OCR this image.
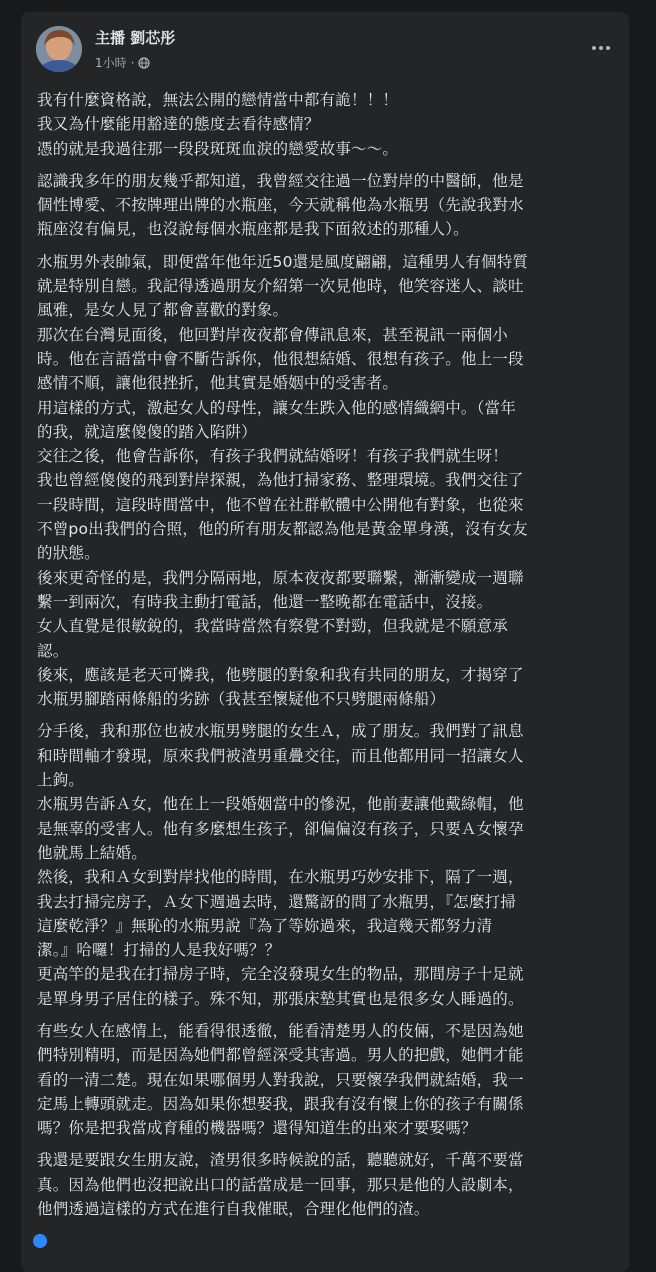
主播 劉芯彤
1小時 ·
我有什麼資格說，無法公開的戀情當中都有詭！！！
我又為什麼能用豁達的態度去看待感情？
憑的就是我過往那一段段斑斑血淚的戀愛故事～～。
認識我多年的朋友幾乎都知道，我曾經交往過一位對岸的中醫師，他是
個性博愛、不按牌理出牌的水瓶座，今天就稱他為水瓶男（先說我對水
瓶座沒有偏見，也沒說每個水瓶座都是我下面敘述的那種人）。
水瓶男外表帥氣，即便當年他年近50還是風度翩翩，這種男人有個特質
就是特別自戀。我記得透過朋友介紹第一次見他時，他笑容迷人、談吐
風雅，是女人見了都會喜歡的對象。
那次在台灣見面後，他回對岸夜夜都會傳訊息來，甚至視訊一兩個小
時。他在言語當中會不斷告訴你，他很想結婚、很想有孩子。他上一段
感情不順，讓他很挫折，他其實是婚姻中的受害者。
用這樣的方式，激起女人的母性，讓女生跌入他的感情織網中。（當年
的我，就這麼傻傻的踏入陷阱）
交往之後，他會告訴你，有孩子我們就結婚呀！有孩子我們就生呀！
我也曾經傻傻的飛到對岸探親，為他打掃家務、整理環境。我們交往了
一段時間，這段時間當中，他不曾在社群軟體中公開他有對象，也從來
不曾po出我們的合照，他的所有朋友都認為他是黃金單身漢，沒有女友
的狀態。
後來更奇怪的是，我們分隔兩地，原本夜夜都要聯繫，漸漸變成一週聯
繫一到兩次，有時我主動打電話，他還一整晚都在電話中，沒接。
女人直覺是很敏銳的，我當時當然有察覺不對勁，但我就是不願意承
認。
後來，應該是老天可憐我，他劈腿的對象和我有共同的朋友，才揭穿了
水瓶男腳踏兩條船的劣跡（我甚至懷疑他不只劈腿兩條船）
分手後，我和那位也被水瓶男劈腿的女生Ａ，成了朋友。我們對了訊息
和時間軸才發現，原來我們被渣男重疊交往，而且他都用同一招讓女人
上鉤。
水瓶男告訴Ａ女，他在上一段婚姻當中的慘況，他前妻讓他戴綠帽，他
是無辜的受害人。他有多麼想生孩子，卻偏偏沒有孩子，只要Ａ女懷孕
他就馬上結婚。
然後，我和Ａ女到對岸找他的時間，在水瓶男巧妙安排下，隔了一週，
我去打掃完房子，Ａ女下週過去時，還驚訝的問了水瓶男，『怎麼打掃
這麼乾淨？』無恥的水瓶男說『為了等妳過來，我這幾天都努力清
潔。』哈囉！打掃的人是我好嗎？？
更高竿的是我在打掃房子時，完全沒發現女生的物品，那間房子十足就
是單身男子居住的樣子。殊不知，那張床墊其實也是很多女人睡過的。
有些女人在感情上，能看得很透徹，能看清楚男人的伎倆，不是因為她
們特別精明，而是因為她們都曾經深受其害過。男人的把戲，她們才能
看的一清二楚。現在如果哪個男人對我說，只要懷孕我們就結婚，我一
定馬上轉頭就走。因為如果你想娶我，跟我有沒有懷上你的孩子有關係
嗎？你是把我當成育種的機器嗎？還得知道生的出來才要娶嗎？
我還是要跟女生朋友說，渣男很多時候說的話，聽聽就好，千萬不要當
真。因為他們也沒把說出口的話當成是一回事，那只是他的人設劇本，
他們透過這樣的方式在進行自我催眠，合理化他們的渣。
